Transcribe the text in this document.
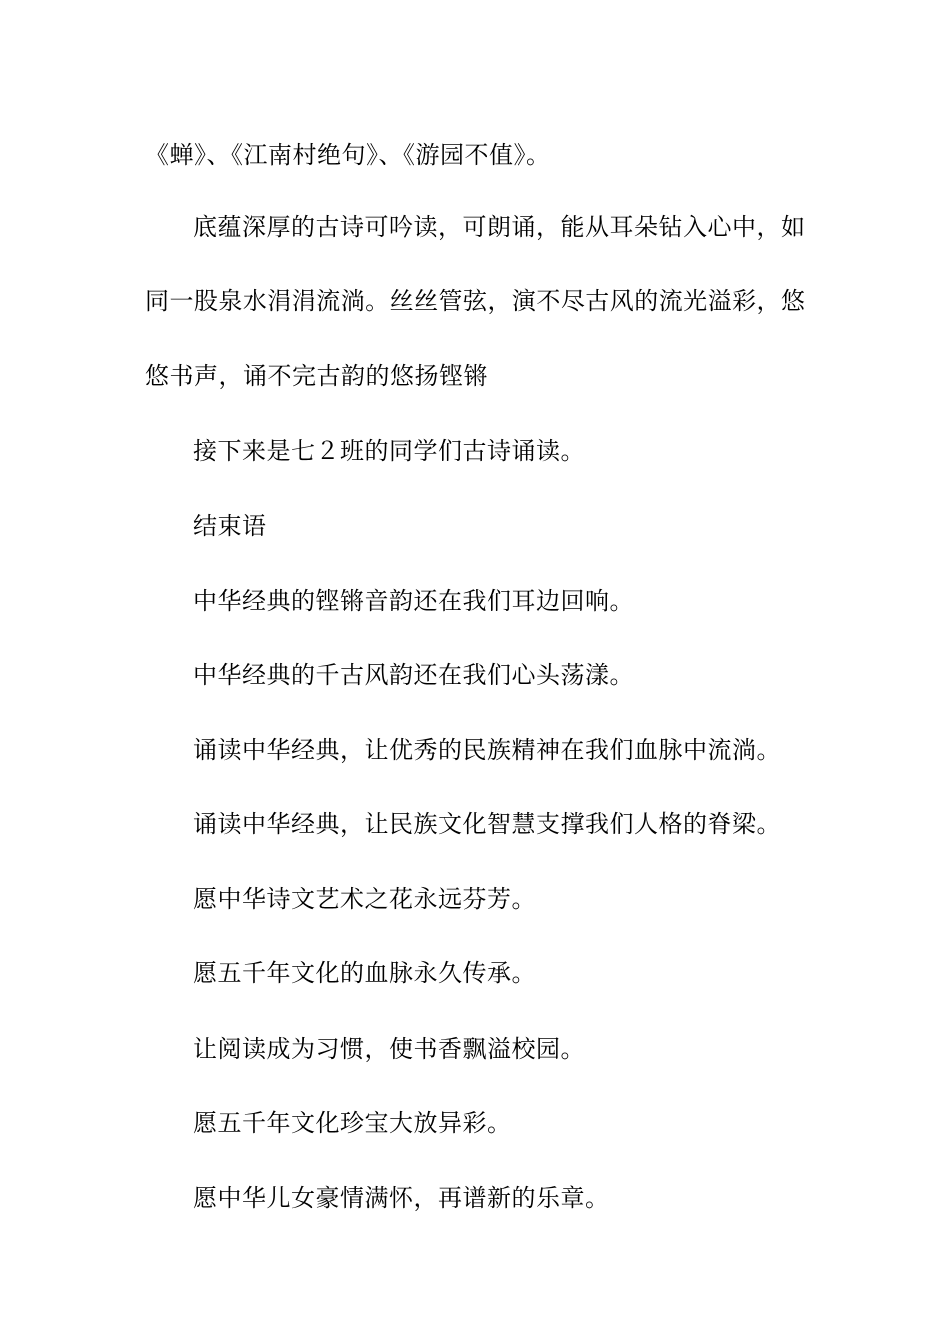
《蝉》、《江南村绝句》、《游园不值》。
底蕴深厚的古诗可吟读，可朗诵，能从耳朵钻入心中，如
同一股泉水涓涓流淌。丝丝管弦，演不尽古风的流光溢彩，悠
悠书声，诵不完古韵的悠扬铿锵
接下来是七２班的同学们古诗诵读。
结束语
中华经典的铿锵音韵还在我们耳边回响。
中华经典的千古风韵还在我们心头荡漾。
诵读中华经典，让优秀的民族精神在我们血脉中流淌。
诵读中华经典，让民族文化智慧支撑我们人格的脊梁。
愿中华诗文艺术之花永远芬芳。
愿五千年文化的血脉永久传承。
让阅读成为习惯，使书香飘溢校园。
愿五千年文化珍宝大放异彩。
愿中华儿女豪情满怀，再谱新的乐章。
